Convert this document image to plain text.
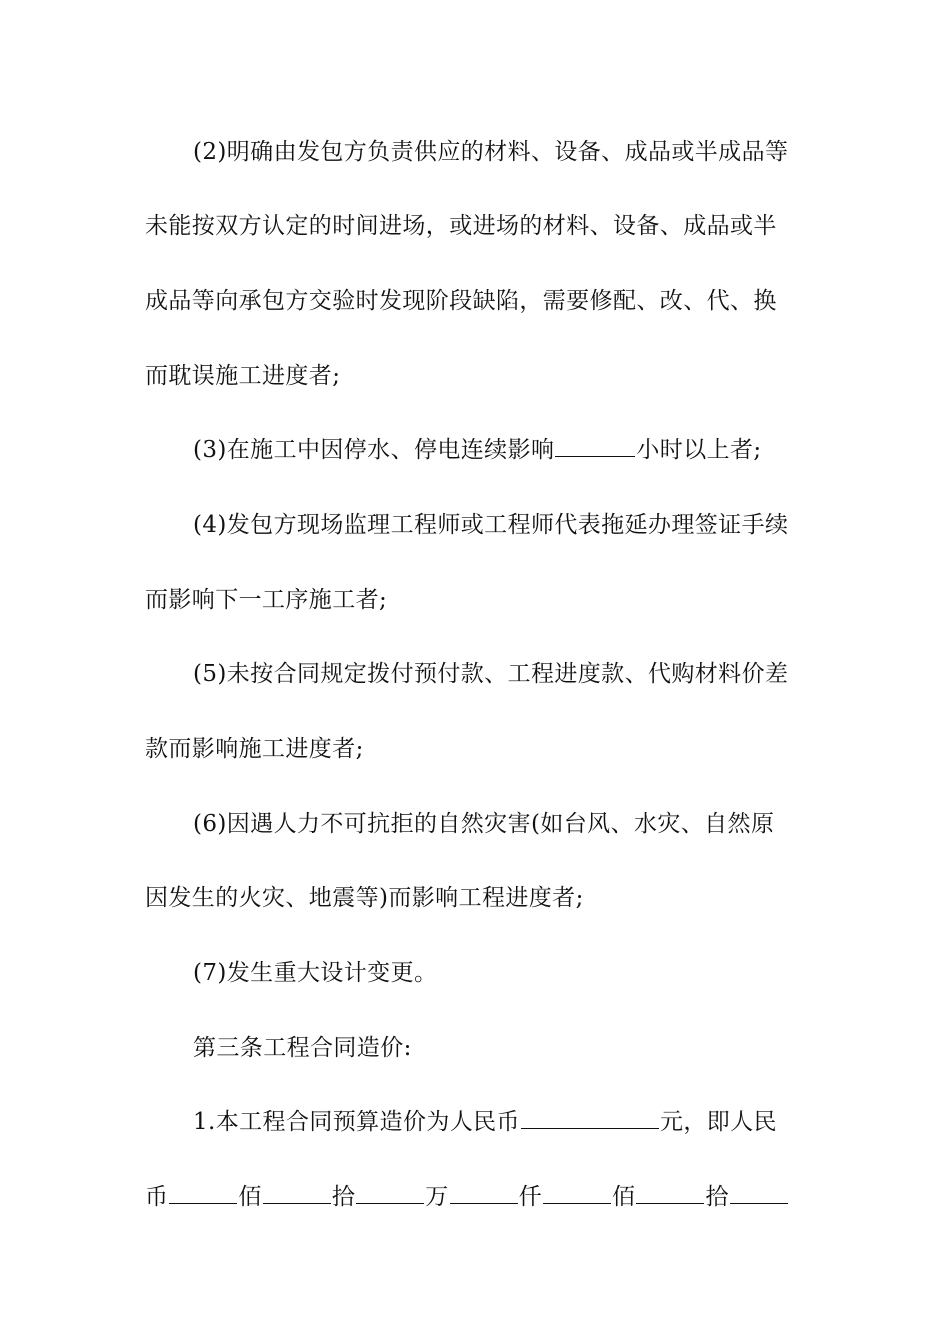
(2)明确由发包方负责供应的材料、设备、成品或半成品等
未能按双方认定的时间进场，或进场的材料、设备、成品或半
成品等向承包方交验时发现阶段缺陷，需要修配、改、代、换
而耽误施工进度者;
(3)在施工中因停水、停电连续影响	小时以上者;
(4)发包方现场监理工程师或工程师代表拖延办理签证手续
而影响下一工序施工者;
(5)未按合同规定拨付预付款、工程进度款、代购材料价差
款而影响施工进度者;
(6)因遇人力不可抗拒的自然灾害(如台风、水灾、自然原
因发生的火灾、地震等)而影响工程进度者;
(7)发生重大设计变更。
第三条工程合同造价:
1.本工程合同预算造价为人民币	元，即人民
币	佰	拾	万	仟	佰	拾
